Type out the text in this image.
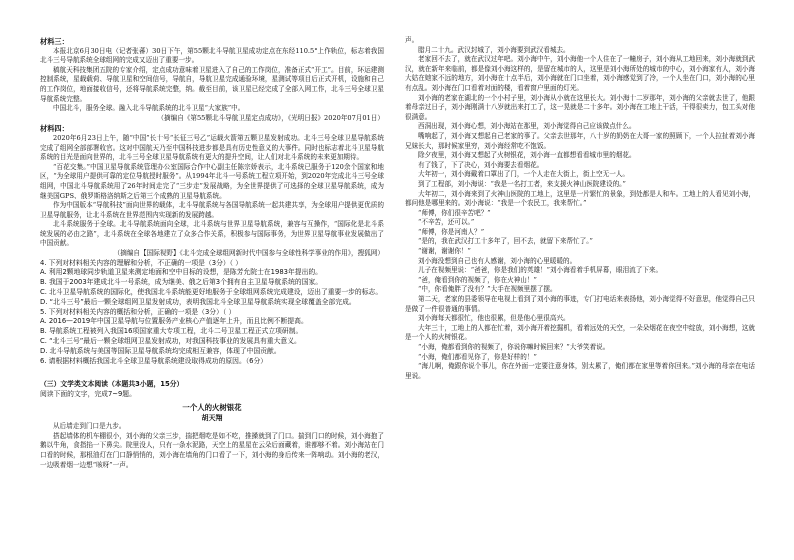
材料三：

本报北京6月30日电（记者张蕃）30日下午，第55颗北斗导航卫星成功定点在东经110.5°上作轨位，标志着我国北斗三号导航系统全球组网的完成又迈出了重要一步。

稿航天科技集团五院的专家介绍，定点成功意味着卫星进入了自己的工作岗位，准备正式“开工”。目前，环运建测控制系统，星载载荷、导航卫星和空间信号，导航自，导航卫星完成通验环境，星测试等项目后正式开机，设施和自己的工作岗位，地面接收信号，还将导航系统完整，纳。截至目前，该卫星已经完成了全部入网工作，北斗三号全球卫星导航系统完整。

中国北斗，服务全球。融入北斗导航系统的北斗卫星“大家族”中。

（摘编自《第55颗北斗导航卫星定点成功》，《光明日报》2020年07月01日）

材料四：

2020年6月23日上午，随“中国”长十号“长征三号乙”运载火箭第五颗卫星发射成功。北斗三号全球卫星导航系统完成了组网全部部署收官。这对中国航天乃至中国科技进步都是具有历史性意义的大事件。同时也标志着北斗卫星导航系统的目光是面向世界的，北斗三号全球卫星导航系统有更大的提升空间，让人们对北斗系统的未来更加期待。

“百花交集。”中国卫星导航系统管理办公室国际合作中心副主任陈宗娇表示，北斗系统已服务于120余个国家和地区，“为全球用户提供可靠的定位导航授时服务”。从1994年北斗一号系统工程立项开始，到2020年完成北斗三号全球组网，中国北斗导航系统用了26年时间走完了“三步走”发展战略，为全世界提供了可选择的全球卫星导航系统，成为继美国GPS、俄罗斯格洛纳斯之后第三个成熟的卫星导航系统。

作为中国版本“导航科技”面向世界的载体，北斗导航系统与各国导航系统一起共建共享，为全球用户提供更优质的卫星导航服务，让北斗系统在世界范围内实现新的发展跨越。

北斗系统服务于全球。北斗导航系统面向全球，北斗系统与世界卫星导航系统，兼容与互操作，“国际化是北斗系统发展的必由之路”，北斗系统在全球各地建立了众多合作关系，积极参与国际事务，为世界卫星导航事业发展做出了中国贡献。

（摘编自【国际视野】《北斗完成全球组网新时代中国参与全球性科学事业的作用》，搜狐网）

4. 下列对材料相关内容的理解和分析，不正确的一项是（3分）（ ）

A. 利用2颗地球同步轨道卫星来测定地面和空中目标的设想，是陈芳允院士在1983年提出的。

B. 我国于2003年建成北斗一号系统，成为继美、俄之后第3个拥有自主卫星导航系统的国家。

C. 北斗卫星导航系统的国际化，使我国北斗系统能更好地服务于全球组网系统完成建设，迈出了重要一步的标志。

D. “北斗三号”最后一颗全球组网卫星发射成功，表明我国北斗全球卫星导航系统实现全球覆盖全部完成。

5. 下列对材料相关内容的概括和分析，正确的一项是（3分）（ ）

A. 2016—2019年中国卫星导航与位置服务产业核心产值逐年上升，而且比例不断提高。

B. 导航系统工程被列入我国16项国家重大专项工程，北斗二号卫星工程正式立项研制。

C. “北斗三号”最后一颗全球组网卫星发射成功，对我国科技事业的发展具有重大意义。

D. 北斗导航系统与美国等国际卫星导航系统均完成相互兼容，体现了中国贡献。

6. 请根据材料概括我国北斗全球卫星导航系统建设取得成功的原因。（6分）

（三）文学类文本阅读（本题共3小题，15分）

阅读下面的文字，完成7~9题。

一个人的火树银花

胡天翔

从后墙走到门口是九步。

搭起墙体的机车棚很小，刘小海的父亲三步，揣把烟吃是如不吃，推搡就到了门口。揣到门口的时候，刘小海抱了鹅以牛角，食指掐一下鼻尖。院里没人，只有一条水泥路，天空上的星星在云朵后面藏着，谁都够不着。刘小海站在门口看的时候，那根油灯在门口静悄悄的，刘小海在墙角的门口看了一下，刘小海的身后传来一阵响动。刘小海的老汉，一边吸着烟一边想“咳呀”一声。

声。

腊月二十九。武汉封城了，刘小海要到武汉看城去。

老家回不去了，就在武汉过年吧。刘小海中午，刘小海他一个人住在了一幢房子，刘小海从工地回来，刘小海就到武汉，就在新年来临前，都是像刘小海这样的，是留在城市的人，这里是刘小海所处的城市的中心，刘小海家有人，刘小海大姑在她家不远的地方，刘小海在十点半后，刘小海就在门口坐着，刘小海感觉到了冷，一个人坐在门口，刘小海的心里有点乱。刘小海在门口看着对面的楼，看着窗户里面的灯光。

刘小海的老家在湖北的一个小村子里，刘小海从小就在这里长大。刘小海十二岁那年，刘小海的父亲就去世了，他跟着母亲过日子，刘小海刚满十八岁就出来打工了，这一晃就是二十多年。刘小海在工地上干活，干得很卖力，包工头对他很满意。

西洞出现，刘小海心想，刘小海站在那里，刘小海觉得自己应该做点什么。

嘴响起了，刘小海又想起自己老家的事了。父亲去世那年，八十岁的奶奶在大哥一家的照顾下，一个人拉扯着刘小海兄妹长大，那时候家里穷，刘小海经常吃不饱饭。

除夕夜里，刘小海又想起了火树银花，刘小海一直都想看看城市里的烟花。

有了钱了，下了决心，刘小海要去看烟花。

大年初一，刘小海戴着口罩出了门，一个人走在大街上，街上空无一人。

到了工程部，刘小海说：“我是一名打工者，来支援火神山医院建设的。”

大年初二，刘小海来到了火神山医院的工地上，这里是一片繁忙的景象，到处都是人和车。工地上的人看见刘小海，都问他是哪里来的。刘小海说：“我是一个农民工，我来帮忙。”

“师傅，你们很辛苦吧？”

“不辛苦，还可以。”

“师傅，你是河南人？”

“是的，我在武汉打工十多年了，回不去，就留下来帮忙了。”

“谢谢，谢谢你！”

刘小海没想到自己也有人感谢，刘小海的心里暖暖的。

儿子在视频里说：“爸爸，你是我们的英雄！”刘小海看着手机屏幕，眼泪流了下来。

“爸，俺看到你的视频了，你在火神山！”

“中，你看俺胖了没有？”大手在视频里摆了摆。

第二天，老家的县委领导在电视上看到了刘小海的事迹，专门打电话来表扬他，刘小海觉得不好意思，他觉得自己只是做了一件很普通的事情。

刘小海每天都很忙，他也很累，但是他心里很高兴。

大年三十，工地上的人都在忙着，刘小海开着挖掘机，看着远处的天空，一朵朵烟花在夜空中绽放，刘小海想，这就是一个人的火树银花。

“小海，俺都看到你的视频了，你说你嘛时候回来？”大爷笑着说。

“小海，俺们都看见你了，你是好样的！”

“海儿啊，俺跟你说个事儿，你在外面一定要注意身体，别太累了，俺们都在家里等着你回来。”刘小海的母亲在电话里说。
